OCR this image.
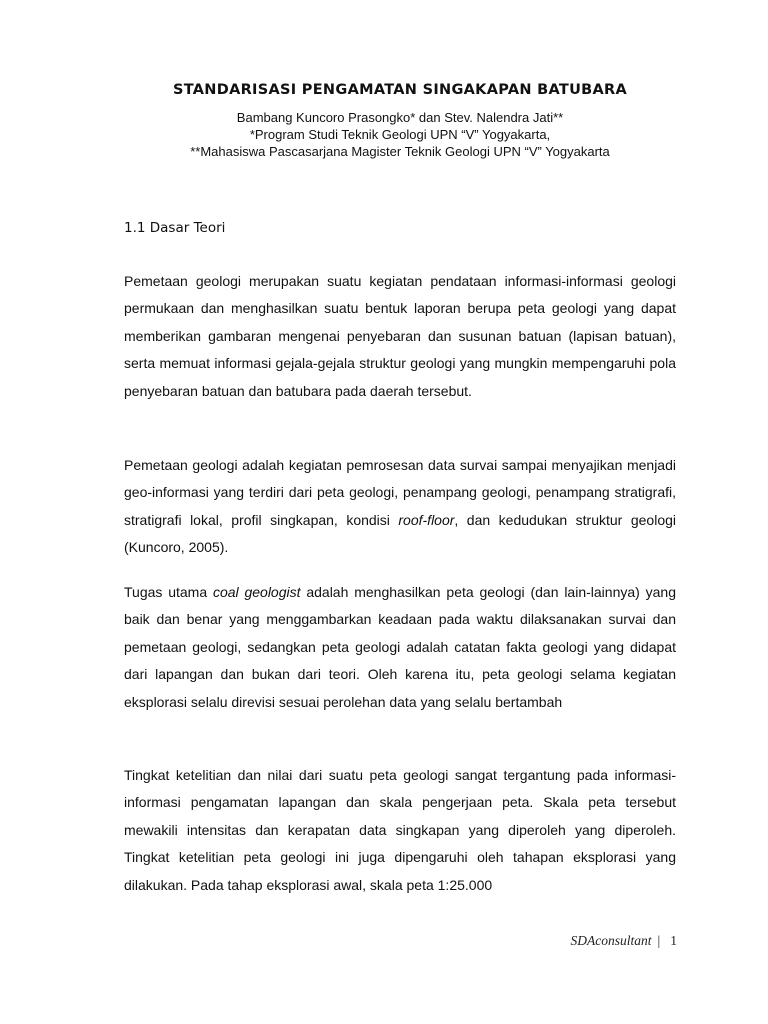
STANDARISASI PENGAMATAN SINGAKAPAN BATUBARA
Bambang Kuncoro Prasongko* dan Stev. Nalendra Jati**
*Program Studi Teknik Geologi UPN “V” Yogyakarta,
**Mahasiswa Pascasarjana Magister Teknik Geologi UPN “V” Yogyakarta
1.1 Dasar Teori
Pemetaan geologi merupakan suatu kegiatan pendataan informasi-informasi geologi permukaan dan menghasilkan suatu bentuk laporan berupa peta geologi yang dapat memberikan gambaran mengenai penyebaran dan susunan batuan (lapisan batuan), serta memuat informasi gejala-gejala struktur geologi yang mungkin mempengaruhi pola penyebaran batuan dan batubara pada daerah tersebut.
Pemetaan geologi adalah kegiatan pemrosesan data survai sampai menyajikan menjadi geo-informasi yang terdiri dari peta geologi, penampang geologi, penampang stratigrafi, stratigrafi lokal, profil singkapan, kondisi roof-floor, dan kedudukan struktur geologi (Kuncoro, 2005).
Tugas utama coal geologist adalah menghasilkan peta geologi (dan lain-lainnya) yang baik dan benar yang menggambarkan keadaan pada waktu dilaksanakan survai dan pemetaan geologi, sedangkan peta geologi adalah catatan fakta geologi yang didapat dari lapangan dan bukan dari teori. Oleh karena itu, peta geologi selama kegiatan eksplorasi selalu direvisi sesuai perolehan data yang selalu bertambah
Tingkat ketelitian dan nilai dari suatu peta geologi sangat tergantung pada informasi-informasi pengamatan lapangan dan skala pengerjaan peta. Skala peta tersebut mewakili intensitas dan kerapatan data singkapan yang diperoleh yang diperoleh. Tingkat ketelitian peta geologi ini juga dipengaruhi oleh tahapan eksplorasi yang dilakukan. Pada tahap eksplorasi awal, skala peta 1:25.000
SDAconsultant | 1
